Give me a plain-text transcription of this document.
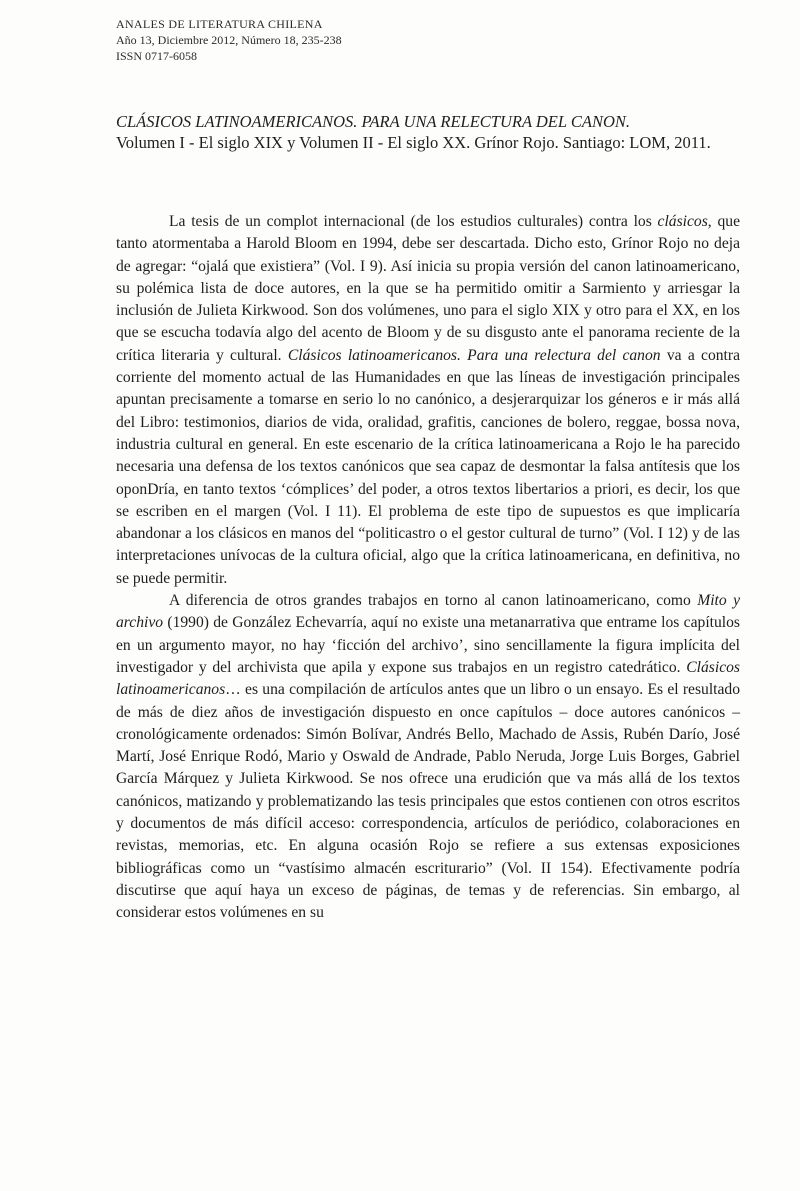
ANALES DE LITERATURA CHILENA
Año 13, Diciembre 2012, Número 18, 235-238
ISSN 0717-6058
CLÁSICOS LATINOAMERICANOS. PARA UNA RELECTURA DEL CANON.
Volumen I - El siglo XIX y Volumen II - El siglo XX. Grínor Rojo. Santiago: LOM, 2011.

La tesis de un complot internacional (de los estudios culturales) contra los clásicos, que tanto atormentaba a Harold Bloom en 1994, debe ser descartada. Dicho esto, Grínor Rojo no deja de agregar: “ojalá que existiera” (Vol. I 9). Así inicia su propia versión del canon latinoamericano, su polémica lista de doce autores, en la que se ha permitido omitir a Sarmiento y arriesgar la inclusión de Julieta Kirkwood. Son dos volúmenes, uno para el siglo XIX y otro para el XX, en los que se escucha todavía algo del acento de Bloom y de su disgusto ante el panorama reciente de la crítica literaria y cultural. Clásicos latinoamericanos. Para una relectura del canon va a contra corriente del momento actual de las Humanidades en que las líneas de investigación principales apuntan precisamente a tomarse en serio lo no canónico, a desjerarquizar los géneros e ir más allá del Libro: testimonios, diarios de vida, oralidad, grafitis, canciones de bolero, reggae, bossa nova, industria cultural en general. En este escenario de la crítica latinoamericana a Rojo le ha parecido necesaria una defensa de los textos canónicos que sea capaz de desmontar la falsa antítesis que los oponDría, en tanto textos ‘cómplices’ del poder, a otros textos libertarios a priori, es decir, los que se escriben en el margen (Vol. I 11). El problema de este tipo de supuestos es que implicaría abandonar a los clásicos en manos del “politicastro o el gestor cultural de turno” (Vol. I 12) y de las interpretaciones unívocas de la cultura oficial, algo que la crítica latinoamericana, en definitiva, no se puede permitir.

A diferencia de otros grandes trabajos en torno al canon latinoamericano, como Mito y archivo (1990) de González Echevarría, aquí no existe una metanarrativa que entrame los capítulos en un argumento mayor, no hay ‘ficción del archivo’, sino sencillamente la figura implícita del investigador y del archivista que apila y expone sus trabajos en un registro catedrático. Clásicos latinoamericanos… es una compilación de artículos antes que un libro o un ensayo. Es el resultado de más de diez años de investigación dispuesto en once capítulos – doce autores canónicos – cronológicamente ordenados: Simón Bolívar, Andrés Bello, Machado de Assis, Rubén Darío, José Martí, José Enrique Rodó, Mario y Oswald de Andrade, Pablo Neruda, Jorge Luis Borges, Gabriel García Márquez y Julieta Kirkwood. Se nos ofrece una erudición que va más allá de los textos canónicos, matizando y problematizando las tesis principales que estos contienen con otros escritos y documentos de más difícil acceso: correspondencia, artículos de periódico, colaboraciones en revistas, memorias, etc. En alguna ocasión Rojo se refiere a sus extensas exposiciones bibliográficas como un “vastísimo almacén escriturario” (Vol. II 154). Efectivamente podría discutirse que aquí haya un exceso de páginas, de temas y de referencias. Sin embargo, al considerar estos volúmenes en su
